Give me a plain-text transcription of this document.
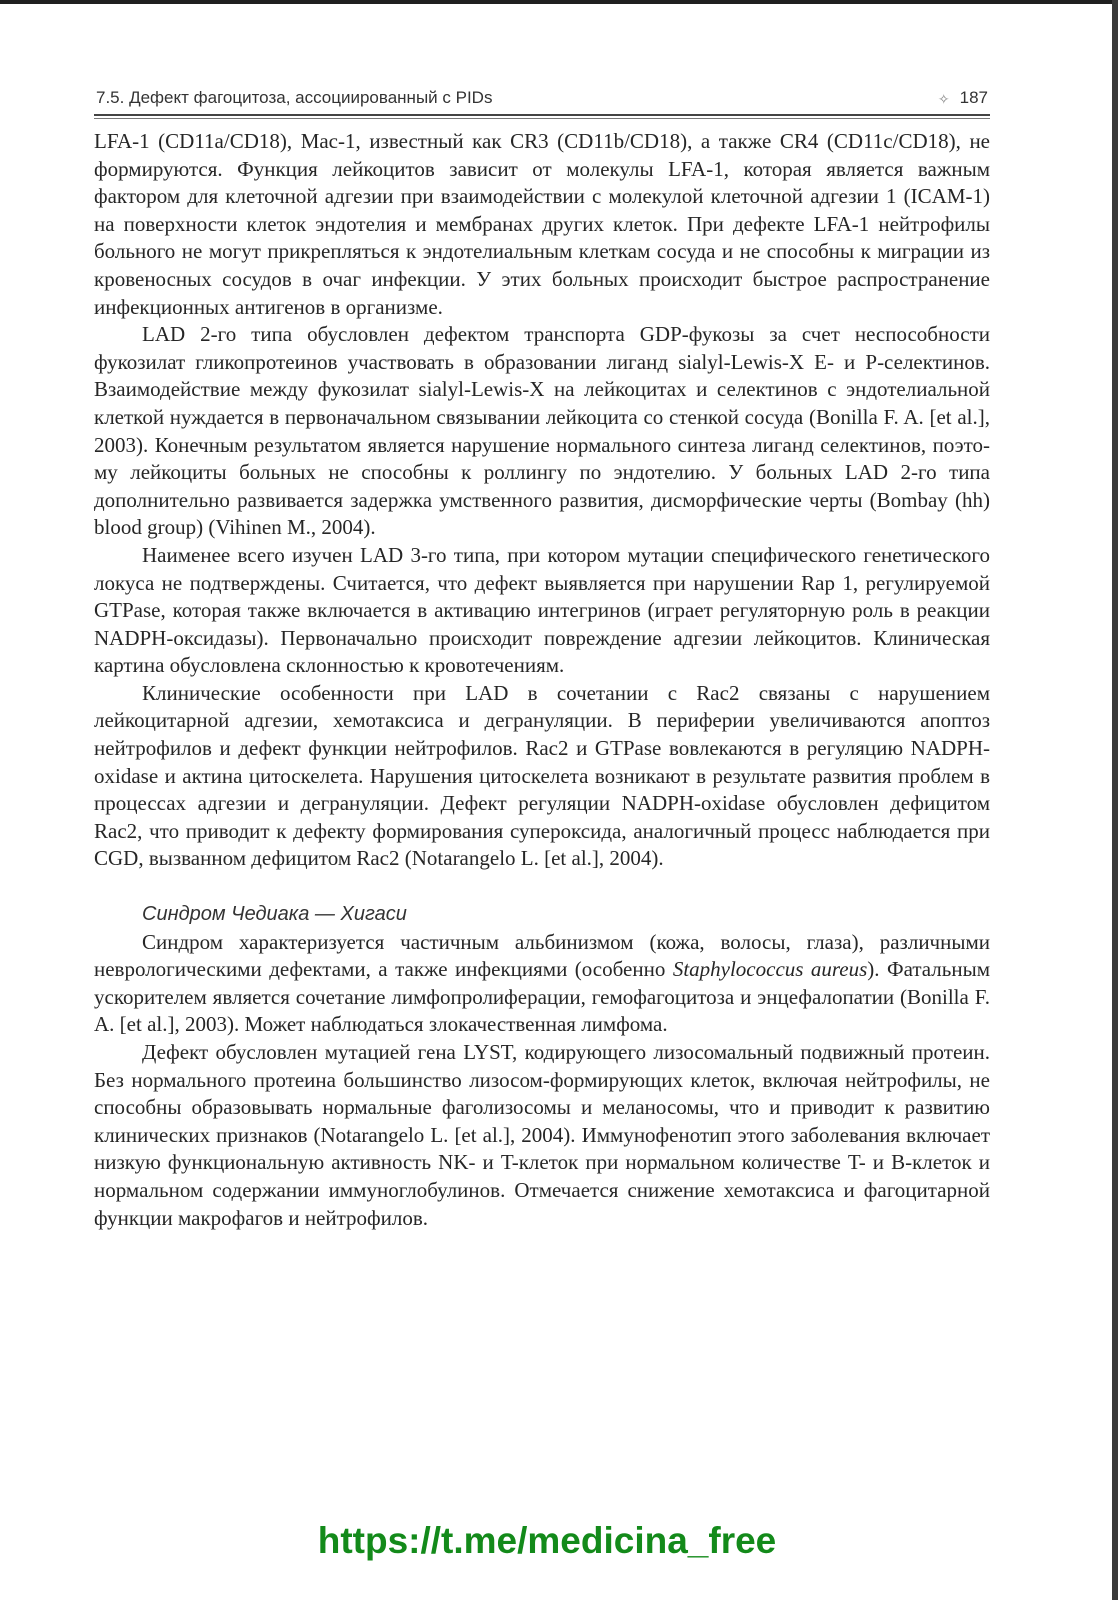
7.5. Дефект фагоцитоза, ассоциированный с PIDs	✧ 187

LFA-1 (CD11a/CD18), Mac-1, известный как CR3 (CD11b/CD18), а также CR4 (CD11c/CD18), не формируются. Функция лейкоцитов зависит от молекулы LFA-1, которая является важным фактором для клеточной адгезии при взаимодействии с молекулой клеточной адгезии 1 (ICAM-1) на поверхности клеток эндотелия и мембранах других клеток. При дефекте LFA-1 нейтрофилы больного не могут прикрепляться к эндотелиальным клеткам сосуда и не способны к миграции из кровеносных сосудов в очаг инфекции. У этих больных происходит быстрое распространение инфекционных антигенов в организме.

LAD 2-го типа обусловлен дефектом транспорта GDP-фукозы за счет неспособности фукозилат гликопротеинов участвовать в образовании лиганд sialyl-Lewis-X E- и P-селектинов. Взаимодействие между фукозилат sialyl-Lewis-X на лейкоцитах и селектинов с эндотелиальной клеткой нуждается в первоначальном связывании лейкоцита со стенкой сосуда (Bonilla F. A. [et al.], 2003). Конечным результатом является нарушение нормального синтеза лиганд селектинов, поэтому лейкоциты больных не способны к роллингу по эндотелию. У больных LAD 2-го типа дополнительно развивается задержка умственного развития, дисморфические черты (Bombay (hh) blood group) (Vihinen M., 2004).

Наименее всего изучен LAD 3-го типа, при котором мутации специфического генетического локуса не подтверждены. Считается, что дефект выявляется при нарушении Rap 1, регулируемой GTPase, которая также включается в активацию интегринов (играет регуляторную роль в реакции NADPH-оксидазы). Первоначально происходит повреждение адгезии лейкоцитов. Клиническая картина обусловлена склонностью к кровотечениям.

Клинические особенности при LAD в сочетании с Rac2 связаны с нарушением лейкоцитарной адгезии, хемотаксиса и дегрануляции. В периферии увеличиваются апоптоз нейтрофилов и дефект функции нейтрофилов. Rac2 и GTPase вовлекаются в регуляцию NADPH-oxidase и актина цитоскелета. Нарушения цитоскелета возникают в результате развития проблем в процессах адгезии и дегрануляции. Дефект регуляции NADPH-oxidase обусловлен дефицитом Rac2, что приводит к дефекту формирования супероксида, аналогичный процесс наблюдается при CGD, вызванном дефицитом Rac2 (Notarangelo L. [et al.], 2004).

Синдром Чедиака — Хигаси

Синдром характеризуется частичным альбинизмом (кожа, волосы, глаза), различными неврологическими дефектами, а также инфекциями (особенно Staphylococcus aureus). Фатальным ускорителем является сочетание лимфопролиферации, гемофагоцитоза и энцефалопатии (Bonilla F. A. [et al.], 2003). Может наблюдаться злокачественная лимфома.

Дефект обусловлен мутацией гена LYST, кодирующего лизосомальный подвижный протеин. Без нормального протеина большинство лизосом-формирующих клеток, включая нейтрофилы, не способны образовывать нормальные фаголизосомы и меланосомы, что и приводит к развитию клинических признаков (Notarangelo L. [et al.], 2004). Иммунофенотип этого заболевания включает низкую функциональную активность NK- и T-клеток при нормальном количестве T- и B-клеток и нормальном содержании иммуноглобулинов. Отмечается снижение хемотаксиса и фагоцитарной функции макрофагов и нейтрофилов.

https://t.me/medicina_free
